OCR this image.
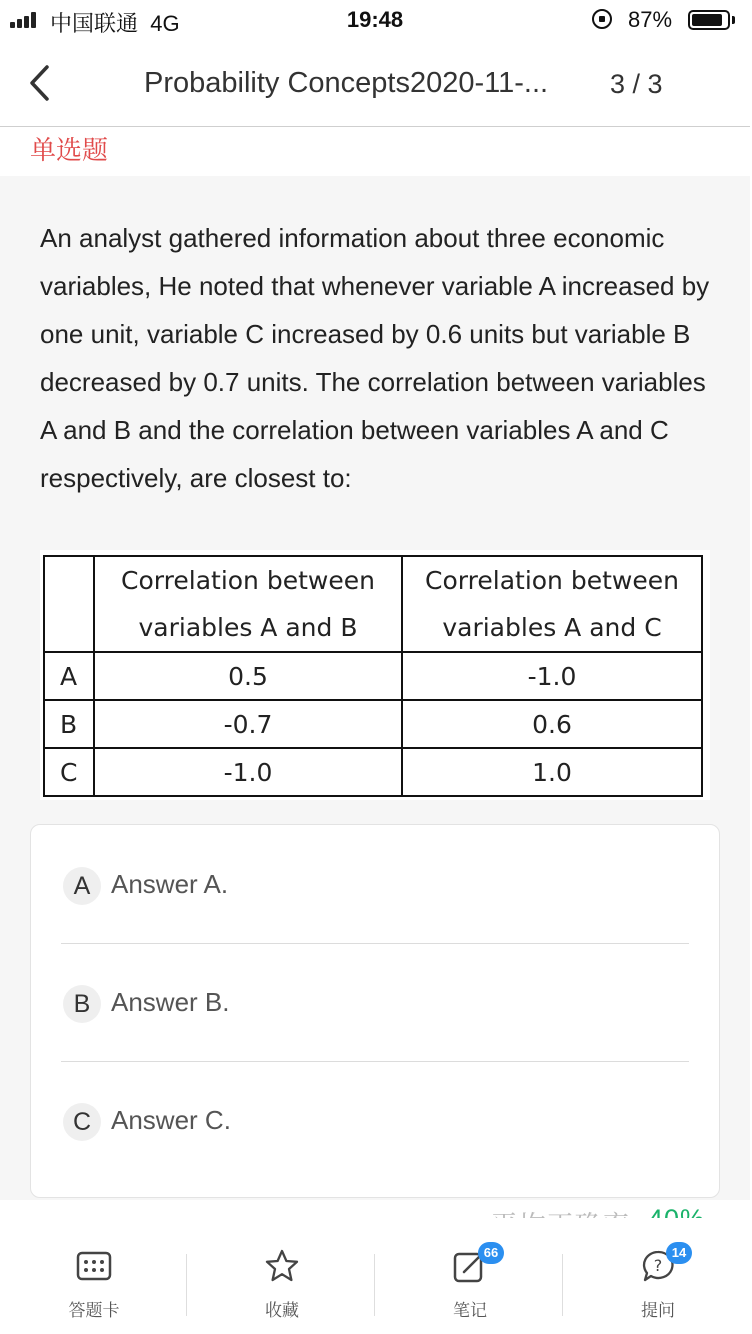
中国联通 4G	19:48	87%
Probability Concepts2020-11-... 3 / 3
单选题
An analyst gathered information about three economic variables, He noted that whenever variable A increased by one unit, variable C increased by 0.6 units but variable B decreased by 0.7 units. The correlation between variables A and B and the correlation between variables A and C respectively, are closest to:
	Correlation between variables A and B	Correlation between variables A and C
A	0.5	-1.0
B	-0.7	0.6
C	-1.0	1.0
A Answer A.
B Answer B.
C Answer C.
答题卡	收藏
66
笔记
?
14
提问
